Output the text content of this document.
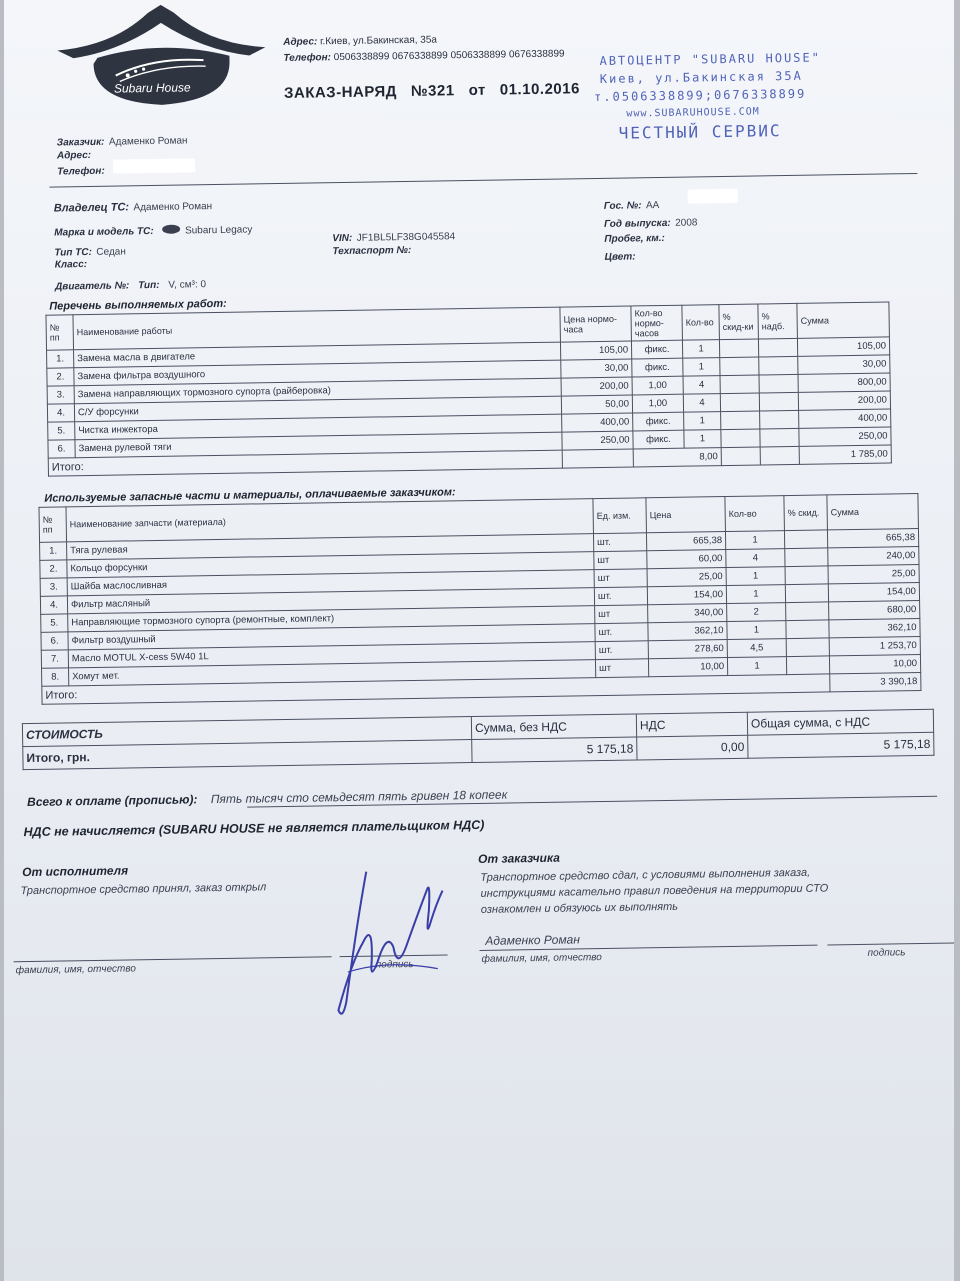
Subaru House
Адрес: г.Киев, ул.Бакинская, 35а
Телефон: 0506338899 0676338899 0506338899 0676338899
ЗАКАЗ-НАРЯД №321 от 01.10.2016
АВТОЦЕНТР "SUBARU HOUSE"
Киев, ул.Бакинская 35А
т.0506338899;0676338899
www.SUBARUHOUSE.COM
ЧЕСТНЫЙ СЕРВИС
Заказчик: Адаменко Роман
Адрес:
Телефон:
Владелец ТС: Адаменко Роман
Марка и модель ТС:	Subaru Legacy
Тип ТС: Седан
Класс:
Двигатель №: Тип: V, см³: 0
VIN: JF1BL5LF38G045584
Техпаспорт №:
Гос. №: AA
Год выпуска: 2008
Пробег, км.:
Цвет:
Перечень выполняемых работ:
№ пп	Наименование работы	Цена нормо-часа	Кол-во нормо-часов	Кол-во	% скид-ки	% надб.	Сумма
1.	Замена масла в двигателе	105,00	фикс.	1			105,00
2.	Замена фильтра воздушного	30,00	фикс.	1			30,00
3.	Замена направляющих тормозного супорта (райберовка)	200,00	1,00	4			800,00
4.	С/У форсунки	50,00	1,00	4			200,00
5.	Чистка инжектора	400,00	фикс.	1			400,00
6.	Замена рулевой тяги	250,00	фикс.	1			250,00
Итого:			8,00				1 785,00
Используемые запасные части и материалы, оплачиваемые заказчиком:
№ пп	Наименование запчасти (материала)	Ед. изм.	Цена	Кол-во	% скид.	Сумма
1.	Тяга рулевая	шт.	665,38	1		665,38
2.	Кольцо форсунки	шт	60,00	4		240,00
3.	Шайба маслосливная	шт	25,00	1		25,00
4.	Фильтр масляный	шт.	154,00	1		154,00
5.	Направляющие тормозного супорта (ремонтные, комплект)	шт	340,00	2		680,00
6.	Фильтр воздушный	шт.	362,10	1		362,10
7.	Масло MOTUL X-cess 5W40 1L	шт.	278,60	4,5		1 253,70
8.	Хомут мет.	шт	10,00	1		10,00
Итого:						3 390,18
СТОИМОСТЬ	Сумма, без НДС	НДС	Общая сумма, с НДС
Итого, грн.	5 175,18	0,00	5 175,18
Всего к оплате (прописью): Пять тысяч сто семьдесят пять гривен 18 копеек
НДС не начисляется (SUBARU HOUSE не является плательщиком НДС)
От исполнителя
Транспортное средство принял, заказ открыл
фамилия, имя, отчество	подпись
От заказчика
Транспортное средство сдал, с условиями выполнения заказа,
инструкциями касательно правил поведения на территории СТО
ознакомлен и обязуюсь их выполнять
Адаменко Роман
фамилия, имя, отчество	подпись
